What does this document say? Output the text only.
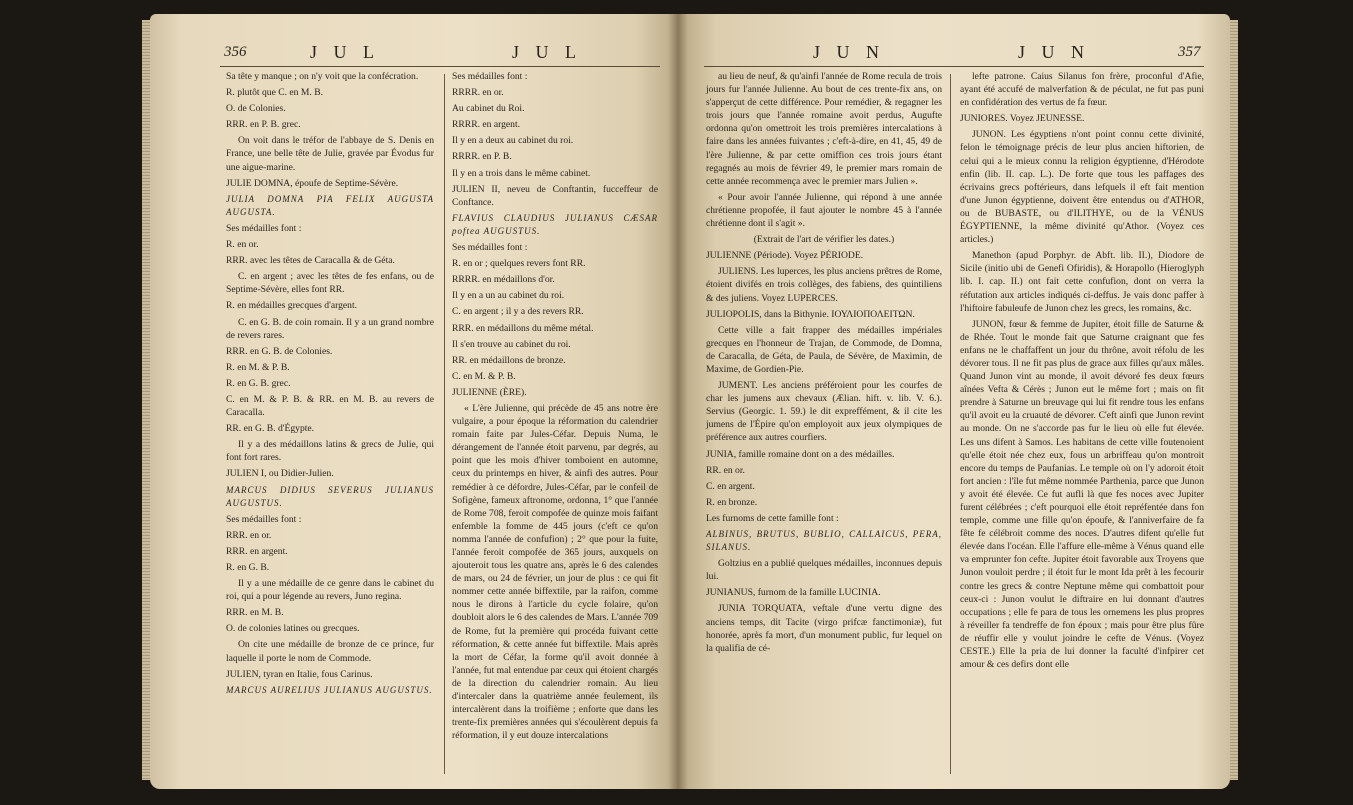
356	J U L	J U L

Sa tête y manque ; on n'y voit que la confécration.

R. plutôt que C. en M. B.

O. de Colonies.

RRR. en P. B. grec.

On voit dans le tréfor de l'abbaye de S. Denis en France, une belle tête de Julie, gravée par Évodus fur une aigue-marine.

JULIE DOMNA, époufe de Septime-Sévère.

JULIA DOMNA PIA FELIX AUGUSTA AUGUSTA.

Ses médailles font :

R. en or.

RRR. avec les têtes de Caracalla & de Géta.

C. en argent ; avec les têtes de fes enfans, ou de Septime-Sévère, elles font RR.

R. en médailles grecques d'argent.

C. en G. B. de coin romain. Il y a un grand nombre de revers rares.

RRR. en G. B. de Colonies.

R. en M. & P. B.

R. en G. B. grec.

C. en M. & P. B. & RR. en M. B. au revers de Caracalla.

RR. en G. B. d'Égypte.

Il y a des médaillons latins & grecs de Julie, qui font fort rares.

JULIEN I, ou Didier-Julien.

MARCUS DIDIUS SEVERUS JULIANUS AUGUSTUS.

Ses médailles font :

RRR. en or.

RRR. en argent.

R. en G. B.

Il y a une médaille de ce genre dans le cabinet du roi, qui a pour légende au revers, Juno regina.

RRR. en M. B.

O. de colonies latines ou grecques.

On cite une médaille de bronze de ce prince, fur laquelle il porte le nom de Commode.

JULIEN, tyran en Italie, fous Carinus.

MARCUS AURELIUS JULIANUS AUGUSTUS.

Ses médailles font :

RRRR. en or.

Au cabinet du Roi.

RRRR. en argent.

Il y en a deux au cabinet du roi.

RRRR. en P. B.

Il y en a trois dans le même cabinet.

JULIEN II, neveu de Conftantin, fucceffeur de Conftance.

FLAVIUS CLAUDIUS JULIANUS CÆSAR poftea AUGUSTUS.

Ses médailles font :

R. en or ; quelques revers font RR.

RRRR. en médaillons d'or.

Il y en a un au cabinet du roi.

C. en argent ; il y a des revers RR.

RRR. en médaillons du même métal.

Il s'en trouve au cabinet du roi.

RR. en médaillons de bronze.

C. en M. & P. B.

JULIENNE (ÈRE).

« L'ère Julienne, qui précède de 45 ans notre ère vulgaire, a pour époque la réformation du calendrier romain faite par Jules-Céfar. Depuis Numa, le dérangement de l'année étoit parvenu, par degrés, au point que les mois d'hiver tomboient en automne, ceux du printemps en hiver, & ainfi des autres. Pour remédier à ce défordre, Jules-Céfar, par le confeil de Sofigène, fameux aftronome, ordonna, 1° que l'année de Rome 708, feroit compofée de quinze mois faifant enfemble la fomme de 445 jours (c'eft ce qu'on nomma l'année de confufion) ; 2° que pour la fuite, l'année feroit compofée de 365 jours, auxquels on ajouteroit tous les quatre ans, après le 6 des calendes de mars, ou 24 de février, un jour de plus : ce qui fit nommer cette année biffextile, par la raifon, comme nous le dirons à l'article du cycle folaire, qu'on doubloit alors le 6 des calendes de Mars. L'année 709 de Rome, fut la première qui procéda fuivant cette réformation, & cette année fut biffextile. Mais après la mort de Céfar, la forme qu'il avoit donnée à l'année, fut mal entendue par ceux qui étoient chargés de la direction du calendrier romain. Au lieu d'intercaler dans la quatrième année feulement, ils intercalèrent dans la troifième ; enforte que dans les trente-fix premières années qui s'écoulèrent depuis fa réformation, il y eut douze intercalations

J U N	J U N	357

au lieu de neuf, & qu'ainfi l'année de Rome recula de trois jours fur l'année Julienne. Au bout de ces trente-fix ans, on s'apperçut de cette différence. Pour remédier, & regagner les trois jours que l'année romaine avoit perdus, Augufte ordonna qu'on omettroit les trois premières intercalations à faire dans les années fuivantes ; c'eft-à-dire, en 41, 45, 49 de l'ère Julienne, & par cette omiffion ces trois jours étant regagnés au mois de février 49, le premier mars romain de cette année recommença avec le premier mars Julien ».

« Pour avoir l'année Julienne, qui répond à une année chrétienne propofée, il faut ajouter le nombre 45 à l'année chrétienne dont il s'agit ».

(Extrait de l'art de vérifier les dates.)

JULIENNE (Période). Voyez PÉRIODE.

JULIENS. Les luperces, les plus anciens prêtres de Rome, étoient divifés en trois collèges, des fabiens, des quintiliens & des juliens. Voyez LUPERCES.

JULIOPOLIS, dans la Bithynie. ΙΟΥΛΙΟΠΟΛΕΙΤΩΝ.

Cette ville a fait frapper des médailles impériales grecques en l'honneur de Trajan, de Commode, de Domna, de Caracalla, de Géta, de Paula, de Sévère, de Maximin, de Maxime, de Gordien-Pie.

JUMENT. Les anciens préféroient pour les courfes de char les jumens aux chevaux (Ælian. hift. v. lib. V. 6.). Servius (Georgic. 1. 59.) le dit expreffément, & il cite les jumens de l'Épire qu'on employoit aux jeux olympiques de préférence aux autres courfiers.

JUNIA, famille romaine dont on a des médailles.

RR. en or.

C. en argent.

R. en bronze.

Les furnoms de cette famille font :

ALBINUS, BRUTUS, BUBLIO, CALLAICUS, PERA, SILANUS.

Goltzius en a publié quelques médailles, inconnues depuis lui.

JUNIANUS, furnom de la famille LUCINIA.

JUNIA TORQUATA, veftale d'une vertu digne des anciens temps, dit Tacite (virgo prifcæ fanctimoniæ), fut honorée, après fa mort, d'un monument public, fur lequel on la qualifia de cé-

lefte patrone. Caius Silanus fon frère, proconful d'Afie, ayant été accufé de malverfation & de péculat, ne fut pas puni en confidération des vertus de fa fœur.

JUNIORES. Voyez JEUNESSE.

JUNON. Les égyptiens n'ont point connu cette divinité, felon le témoignage précis de leur plus ancien hiftorien, de celui qui a le mieux connu la religion égyptienne, d'Hérodote enfin (lib. II. cap. L.). De forte que tous les paffages des écrivains grecs poftérieurs, dans lefquels il eft fait mention d'une Junon égyptienne, doivent être entendus ou d'ATHOR, ou de BUBASTE, ou d'ILITHYE, ou de la VÉNUS ÉGYPTIENNE, la même divinité qu'Athor. (Voyez ces articles.)

Manethon (apud Porphyr. de Abft. lib. II.), Diodore de Sicile (initio ubi de Genefi Ofiridis), & Horapollo (Hieroglyph lib. I. cap. II.) ont fait cette confufion, dont on verra la réfutation aux articles indiqués ci-deffus. Je vais donc paffer à l'hiftoire fabuleufe de Junon chez les grecs, les romains, &c.

JUNON, fœur & femme de Jupiter, étoit fille de Saturne & de Rhée. Tout le monde fait que Saturne craignant que fes enfans ne le chaffaffent un jour du thrône, avoit réfolu de les dévorer tous. Il ne fit pas plus de grace aux filles qu'aux mâles. Quand Junon vint au monde, il avoit dévoré fes deux fœurs aînées Vefta & Cérès ; Junon eut le même fort ; mais on fit prendre à Saturne un breuvage qui lui fit rendre tous les enfans qu'il avoit eu la cruauté de dévorer. C'eft ainfi que Junon revint au monde. On ne s'accorde pas fur le lieu où elle fut élevée. Les uns difent à Samos. Les habitans de cette ville foutenoient qu'elle étoit née chez eux, fous un arbriffeau qu'on montroit encore du temps de Paufanias. Le temple où on l'y adoroit étoit fort ancien : l'île fut même nommée Parthenia, parce que Junon y avoit été élevée. Ce fut aufli là que fes noces avec Jupiter furent célébrées ; c'eft pourquoi elle étoit repréfentée dans fon temple, comme une fille qu'on époufe, & l'anniverfaire de fa fête fe célébroit comme des noces. D'autres difent qu'elle fut élevée dans l'océan. Elle l'affure elle-même à Vénus quand elle va emprunter fon cefte. Jupiter étoit favorable aux Troyens que Junon vouloit perdre ; il étoit fur le mont Ida prêt à les fecourir contre les grecs & contre Neptune même qui combattoit pour ceux-ci : Junon voulut le diftraire en lui donnant d'autres occupations ; elle fe para de tous les ornemens les plus propres à réveiller fa tendreffe de fon époux ; mais pour être plus fûre de réuffir elle y voulut joindre le cefte de Vénus. (Voyez CESTE.) Elle la pria de lui donner la faculté d'infpirer cet amour & ces defirs dont elle
